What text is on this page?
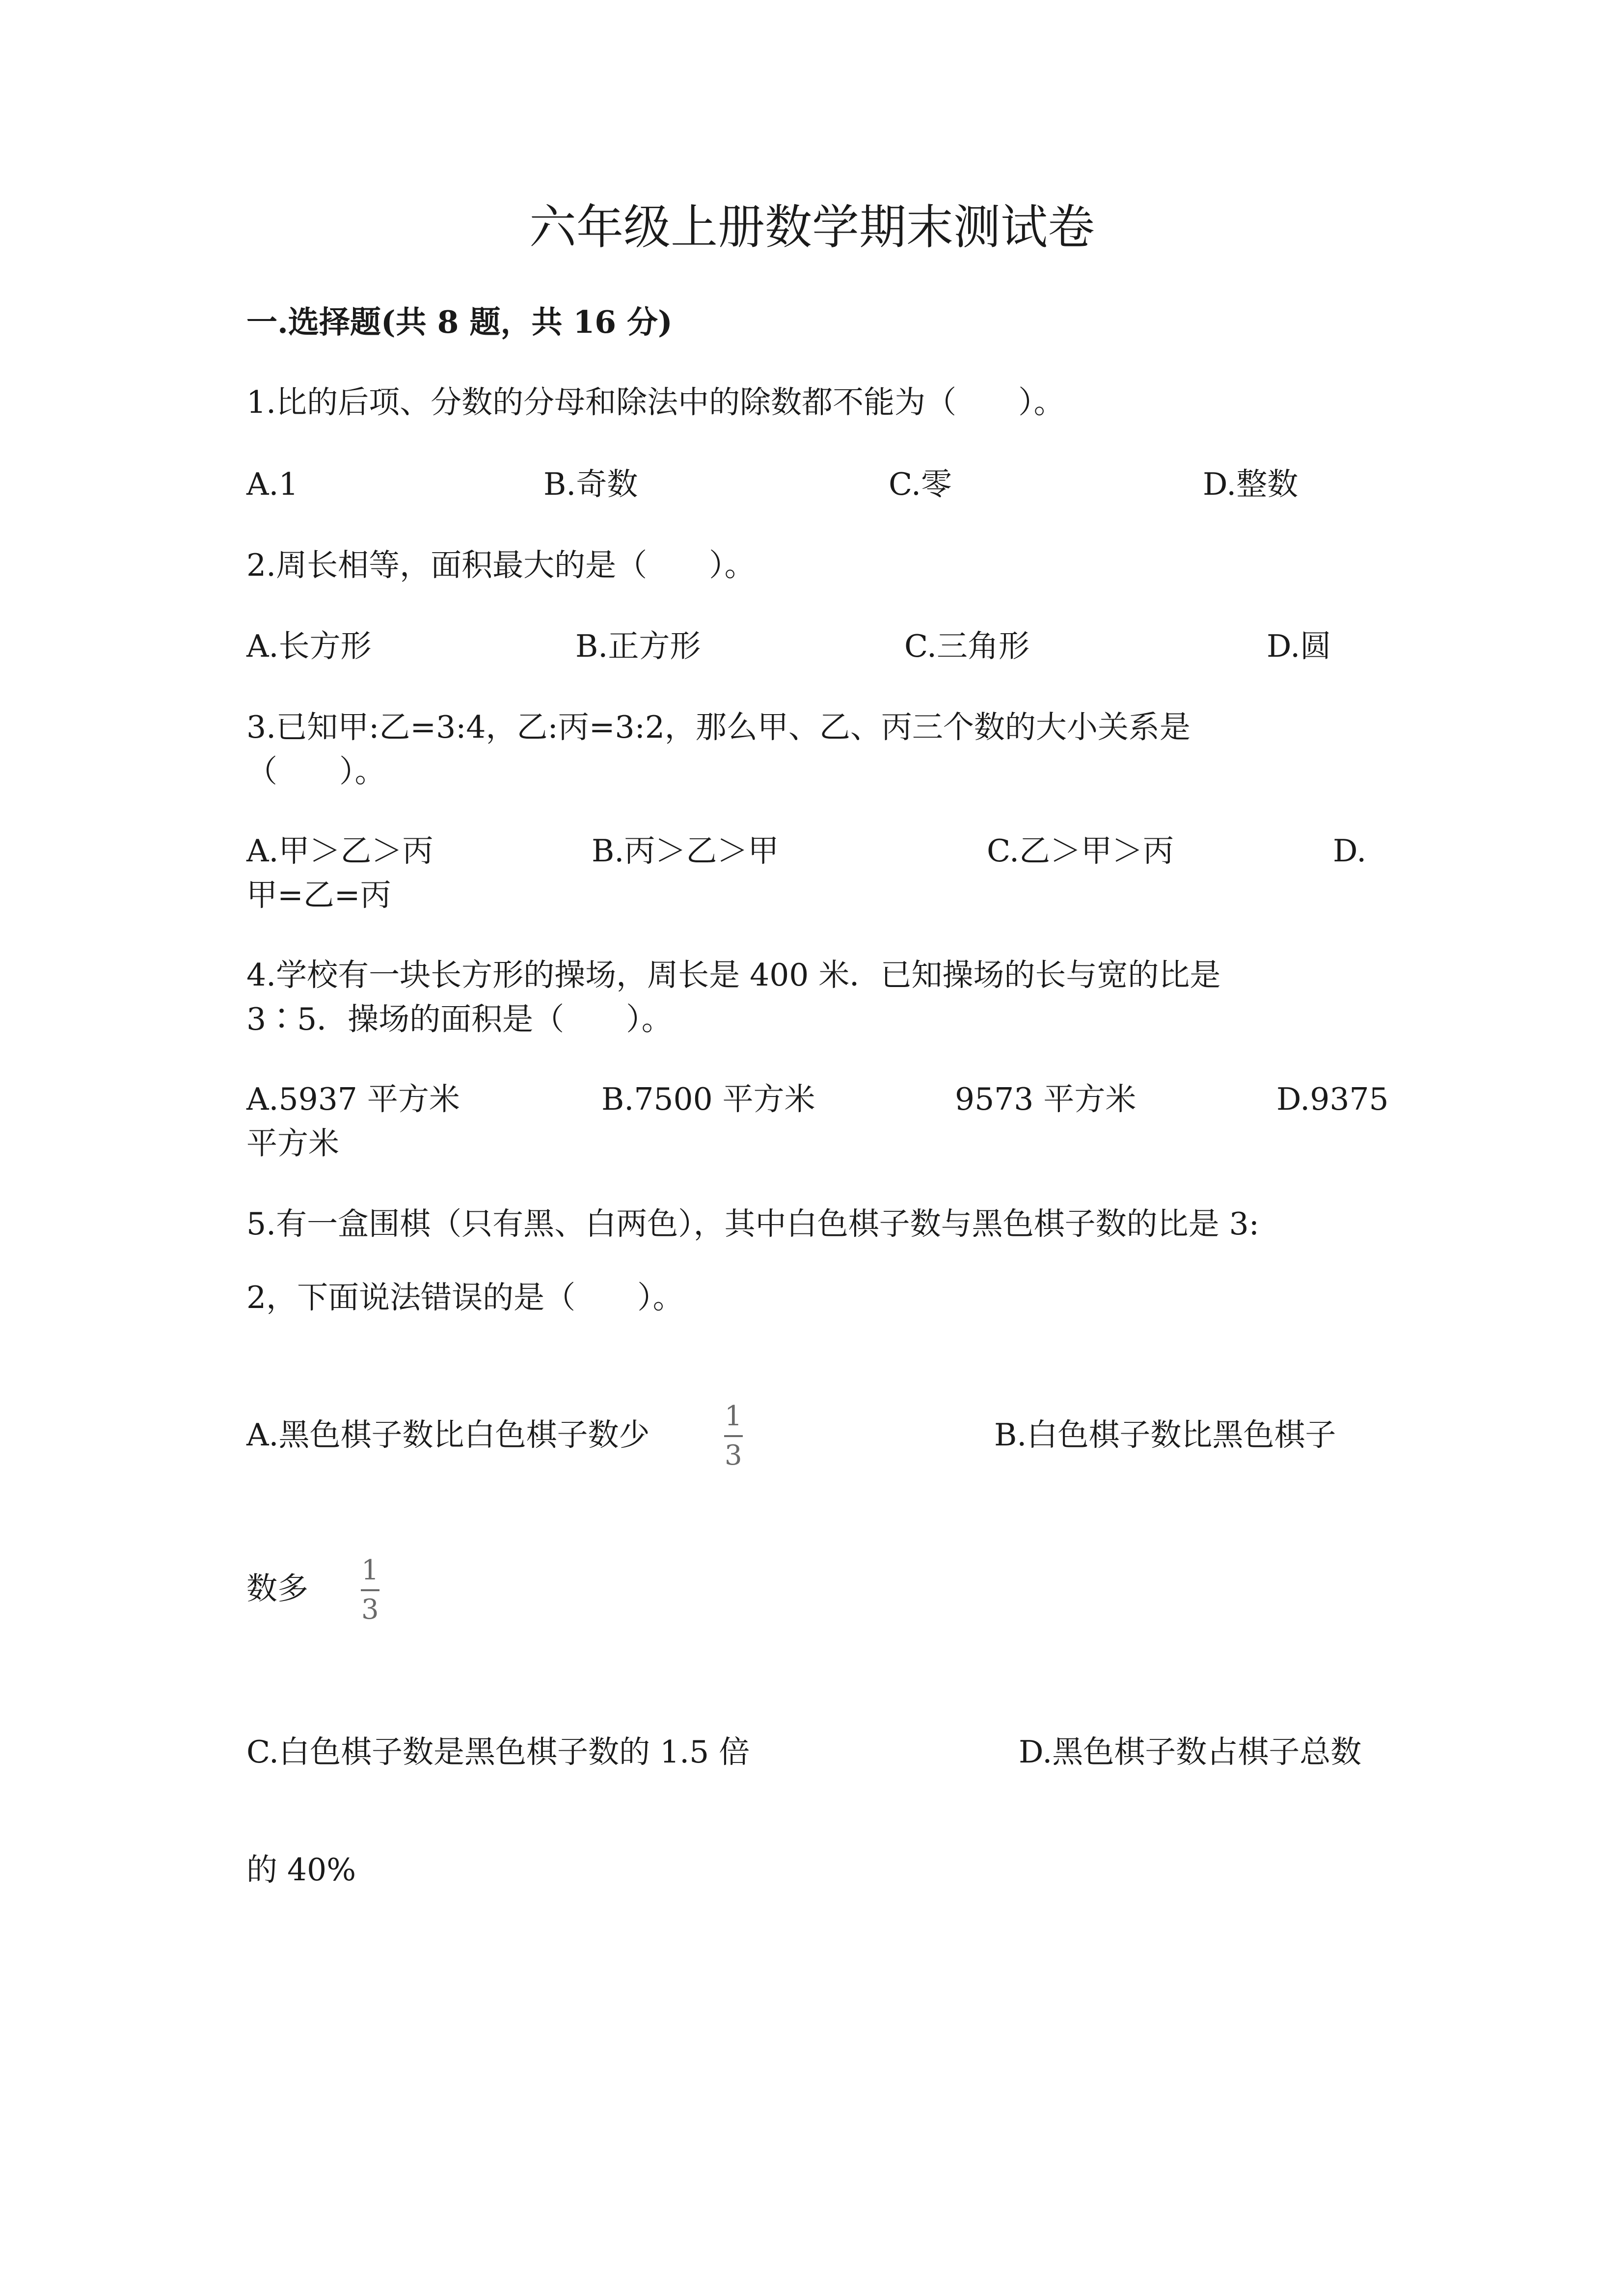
六年级上册数学期末测试卷
一.选择题(共 8 题，共 16 分)
1.比的后项、分数的分母和除法中的除数都不能为（　　）。
A.1	B.奇数	C.零	D.整数
2.周长相等，面积最大的是（　　）。
A.长方形	B.正方形	C.三角形	D.圆
3.已知甲:乙=3:4，乙:丙=3:2，那么甲、乙、丙三个数的大小关系是
（　　）。
A.甲＞乙＞丙	B.丙＞乙＞甲	C.乙＞甲＞丙	D.
甲=乙=丙
4.学校有一块长方形的操场，周长是 400 米．已知操场的长与宽的比是
3∶5．操场的面积是（　　）。
A.5937 平方米	B.7500 平方米	9573 平方米	D.9375
平方米
5.有一盒围棋（只有黑、白两色），其中白色棋子数与黑色棋子数的比是 3:
2，下面说法错误的是（　　）。
A.黑色棋子数比白色棋子数少
1
3
B.白色棋子数比黑色棋子
数多
1
3
C.白色棋子数是黑色棋子数的 1.5 倍	D.黑色棋子数占棋子总数
的 40%
